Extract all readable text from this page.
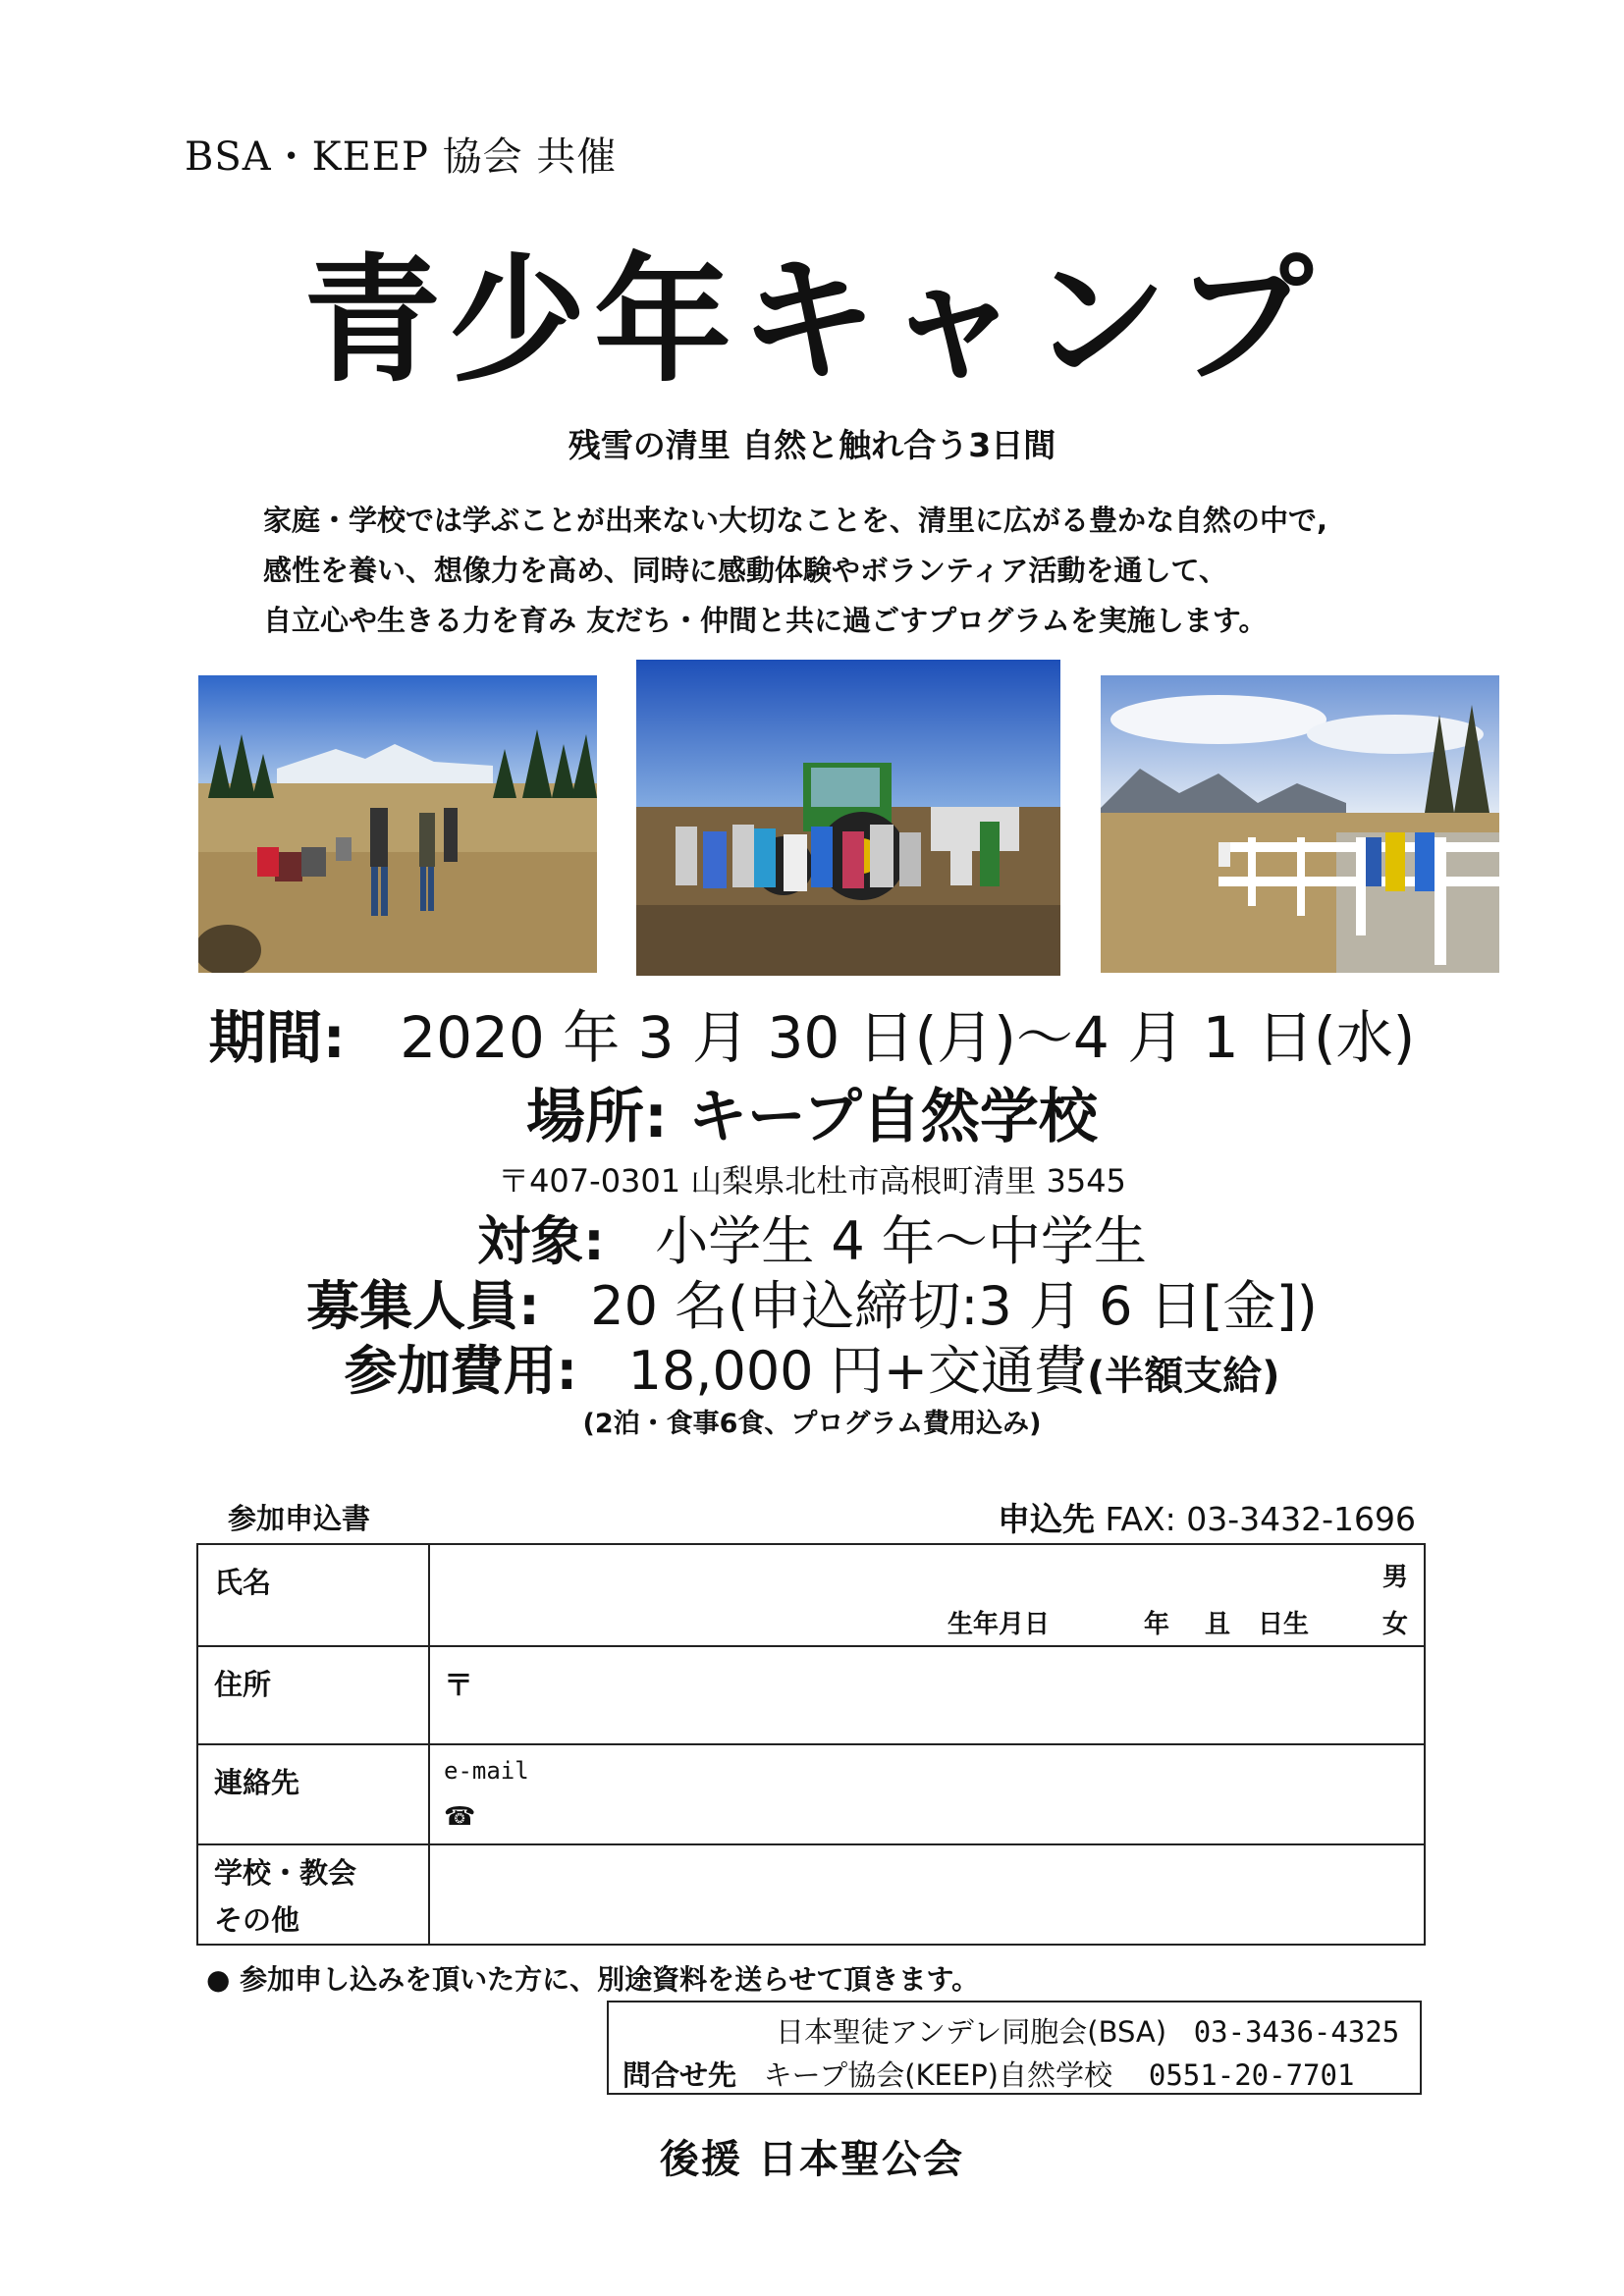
BSA・KEEP 協会 共催
青少年キャンプ
残雪の清里 自然と触れ合う3日間
家庭・学校では学ぶことが出来ない大切なことを、清里に広がる豊かな自然の中で,
感性を養い、想像力を高め、同時に感動体験やボランティア活動を通して、
自立心や生きる力を育み 友だち・仲間と共に過ごすプログラムを実施します。
期間: 2020 年 3 月 30 日(月)～4 月 1 日(水)
場所: キープ自然学校
〒407-0301 山梨県北杜市高根町清里 3545
対象: 小学生 4 年～中学生
募集人員: 20 名(申込締切:3 月 6 日[金])
参加費用: 18,000 円+交通費(半額支給)
(2泊・食事6食、プログラム費用込み)
参加申込書	申込先 FAX: 03-3432-1696
氏名	男
生年月日	年 且 日生	女
住所	〒
連絡先	e-mail
☎
学校・教会
その他
● 参加申し込みを頂いた方に、別途資料を送らせて頂きます。
日本聖徒アンデレ同胞会(BSA) 03-3436-4325
問合せ先 キープ協会(KEEP)自然学校 0551-20-7701
後援 日本聖公会
